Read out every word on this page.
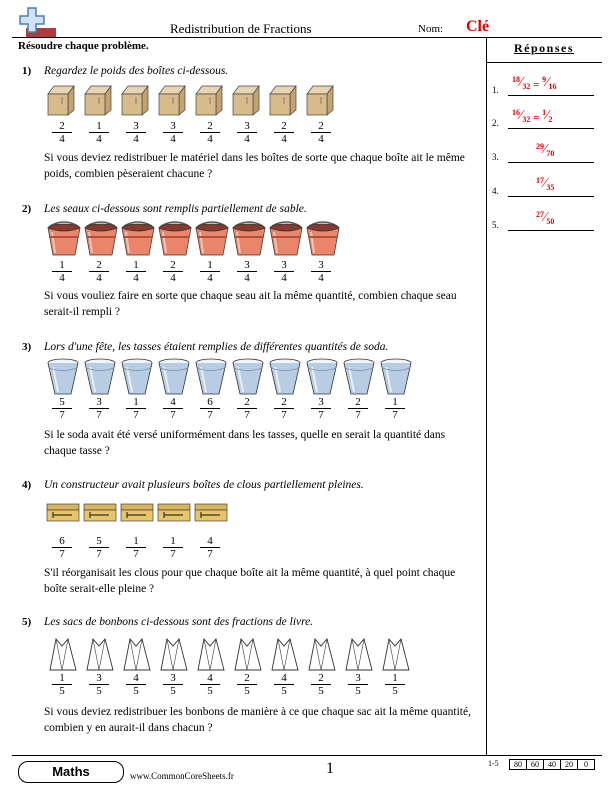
Redistribution de Fractions	Nom: Clé
Résoudre chaque problème.	Réponses
1.
$^{18}⁄_{32}$ = $^9⁄_{16}$
2.
$^{16}⁄_{32}$ = $^1⁄_2$
3.
$^{29}⁄_{70}$
4.
$^{17}⁄_{35}$
5.
$^{27}⁄_{50}$
1) Regardez le poids des boîtes ci-dessous.
$\frac{2}{4} \frac{1}{4} \frac{3}{4} \frac{3}{4} \frac{2}{4} \frac{3}{4} \frac{2}{4} \frac{2}{4}$
Si vous deviez redistribuer le matériel dans les boîtes de sorte que chaque boîte ait le même poids, combien pèseraient chacune ?
2) Les seaux ci-dessous sont remplis partiellement de sable.
$\frac{1}{4} \frac{2}{4} \frac{1}{4} \frac{2}{4} \frac{1}{4} \frac{3}{4} \frac{3}{4} \frac{3}{4}$
Si vous vouliez faire en sorte que chaque seau ait la même quantité, combien chaque seau serait-il rempli ?
3) Lors d'une fête, les tasses étaient remplies de différentes quantités de soda.
$\frac{5}{7} \frac{3}{7} \frac{1}{7} \frac{4}{7} \frac{6}{7} \frac{2}{7} \frac{2}{7} \frac{3}{7} \frac{2}{7} \frac{1}{7}$
Si le soda avait été versé uniformément dans les tasses, quelle en serait la quantité dans chaque tasse ?
4) Un constructeur avait plusieurs boîtes de clous partiellement pleines.
$\frac{6}{7} \frac{5}{7} \frac{1}{7} \frac{1}{7} \frac{4}{7}$
S'il réorganisait les clous pour que chaque boîte ait la même quantité, à quel point chaque boîte serait-elle pleine ?
5) Les sacs de bonbons ci-dessous sont des fractions de livre.
$\frac{1}{5} \frac{3}{5} \frac{4}{5} \frac{3}{5} \frac{4}{5} \frac{2}{5} \frac{4}{5} \frac{2}{5} \frac{3}{5} \frac{1}{5}$
Si vous deviez redistribuer les bonbons de manière à ce que chaque sac ait la même quantité, combien y en aurait-il dans chacun ?
Maths	www.CommonCoreSheets.fr	1	1-5	80	60	40	20	0
